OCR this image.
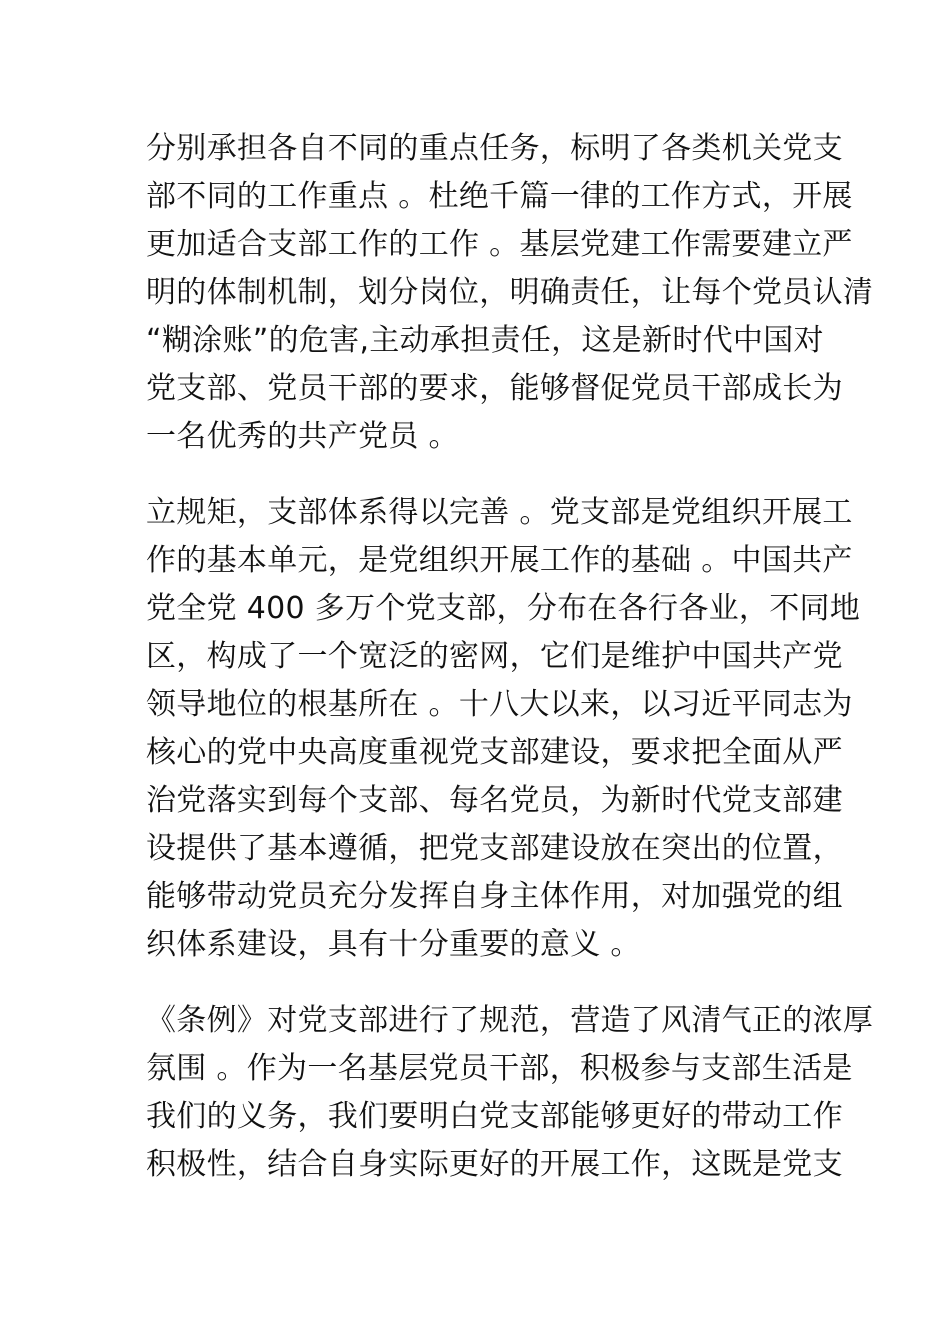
分别承担各自不同的重点任务，标明了各类机关党支
部不同的工作重点 。杜绝千篇一律的工作方式，开展
更加适合支部工作的工作 。基层党建工作需要建立严
明的体制机制，划分岗位，明确责任，让每个党员认清
“糊涂账”的危害,主动承担责任，这是新时代中国对
党支部、党员干部的要求，能够督促党员干部成长为
一名优秀的共产党员 。

立规矩，支部体系得以完善 。党支部是党组织开展工
作的基本单元，是党组织开展工作的基础 。中国共产
党全党 400 多万个党支部，分布在各行各业，不同地
区，构成了一个宽泛的密网，它们是维护中国共产党
领导地位的根基所在 。十八大以来，以习近平同志为
核心的党中央高度重视党支部建设，要求把全面从严
治党落实到每个支部、每名党员，为新时代党支部建
设提供了基本遵循，把党支部建设放在突出的位置，
能够带动党员充分发挥自身主体作用，对加强党的组
织体系建设，具有十分重要的意义 。

《条例》对党支部进行了规范，营造了风清气正的浓厚
氛围 。作为一名基层党员干部，积极参与支部生活是
我们的义务，我们要明白党支部能够更好的带动工作
积极性，结合自身实际更好的开展工作，这既是党支
